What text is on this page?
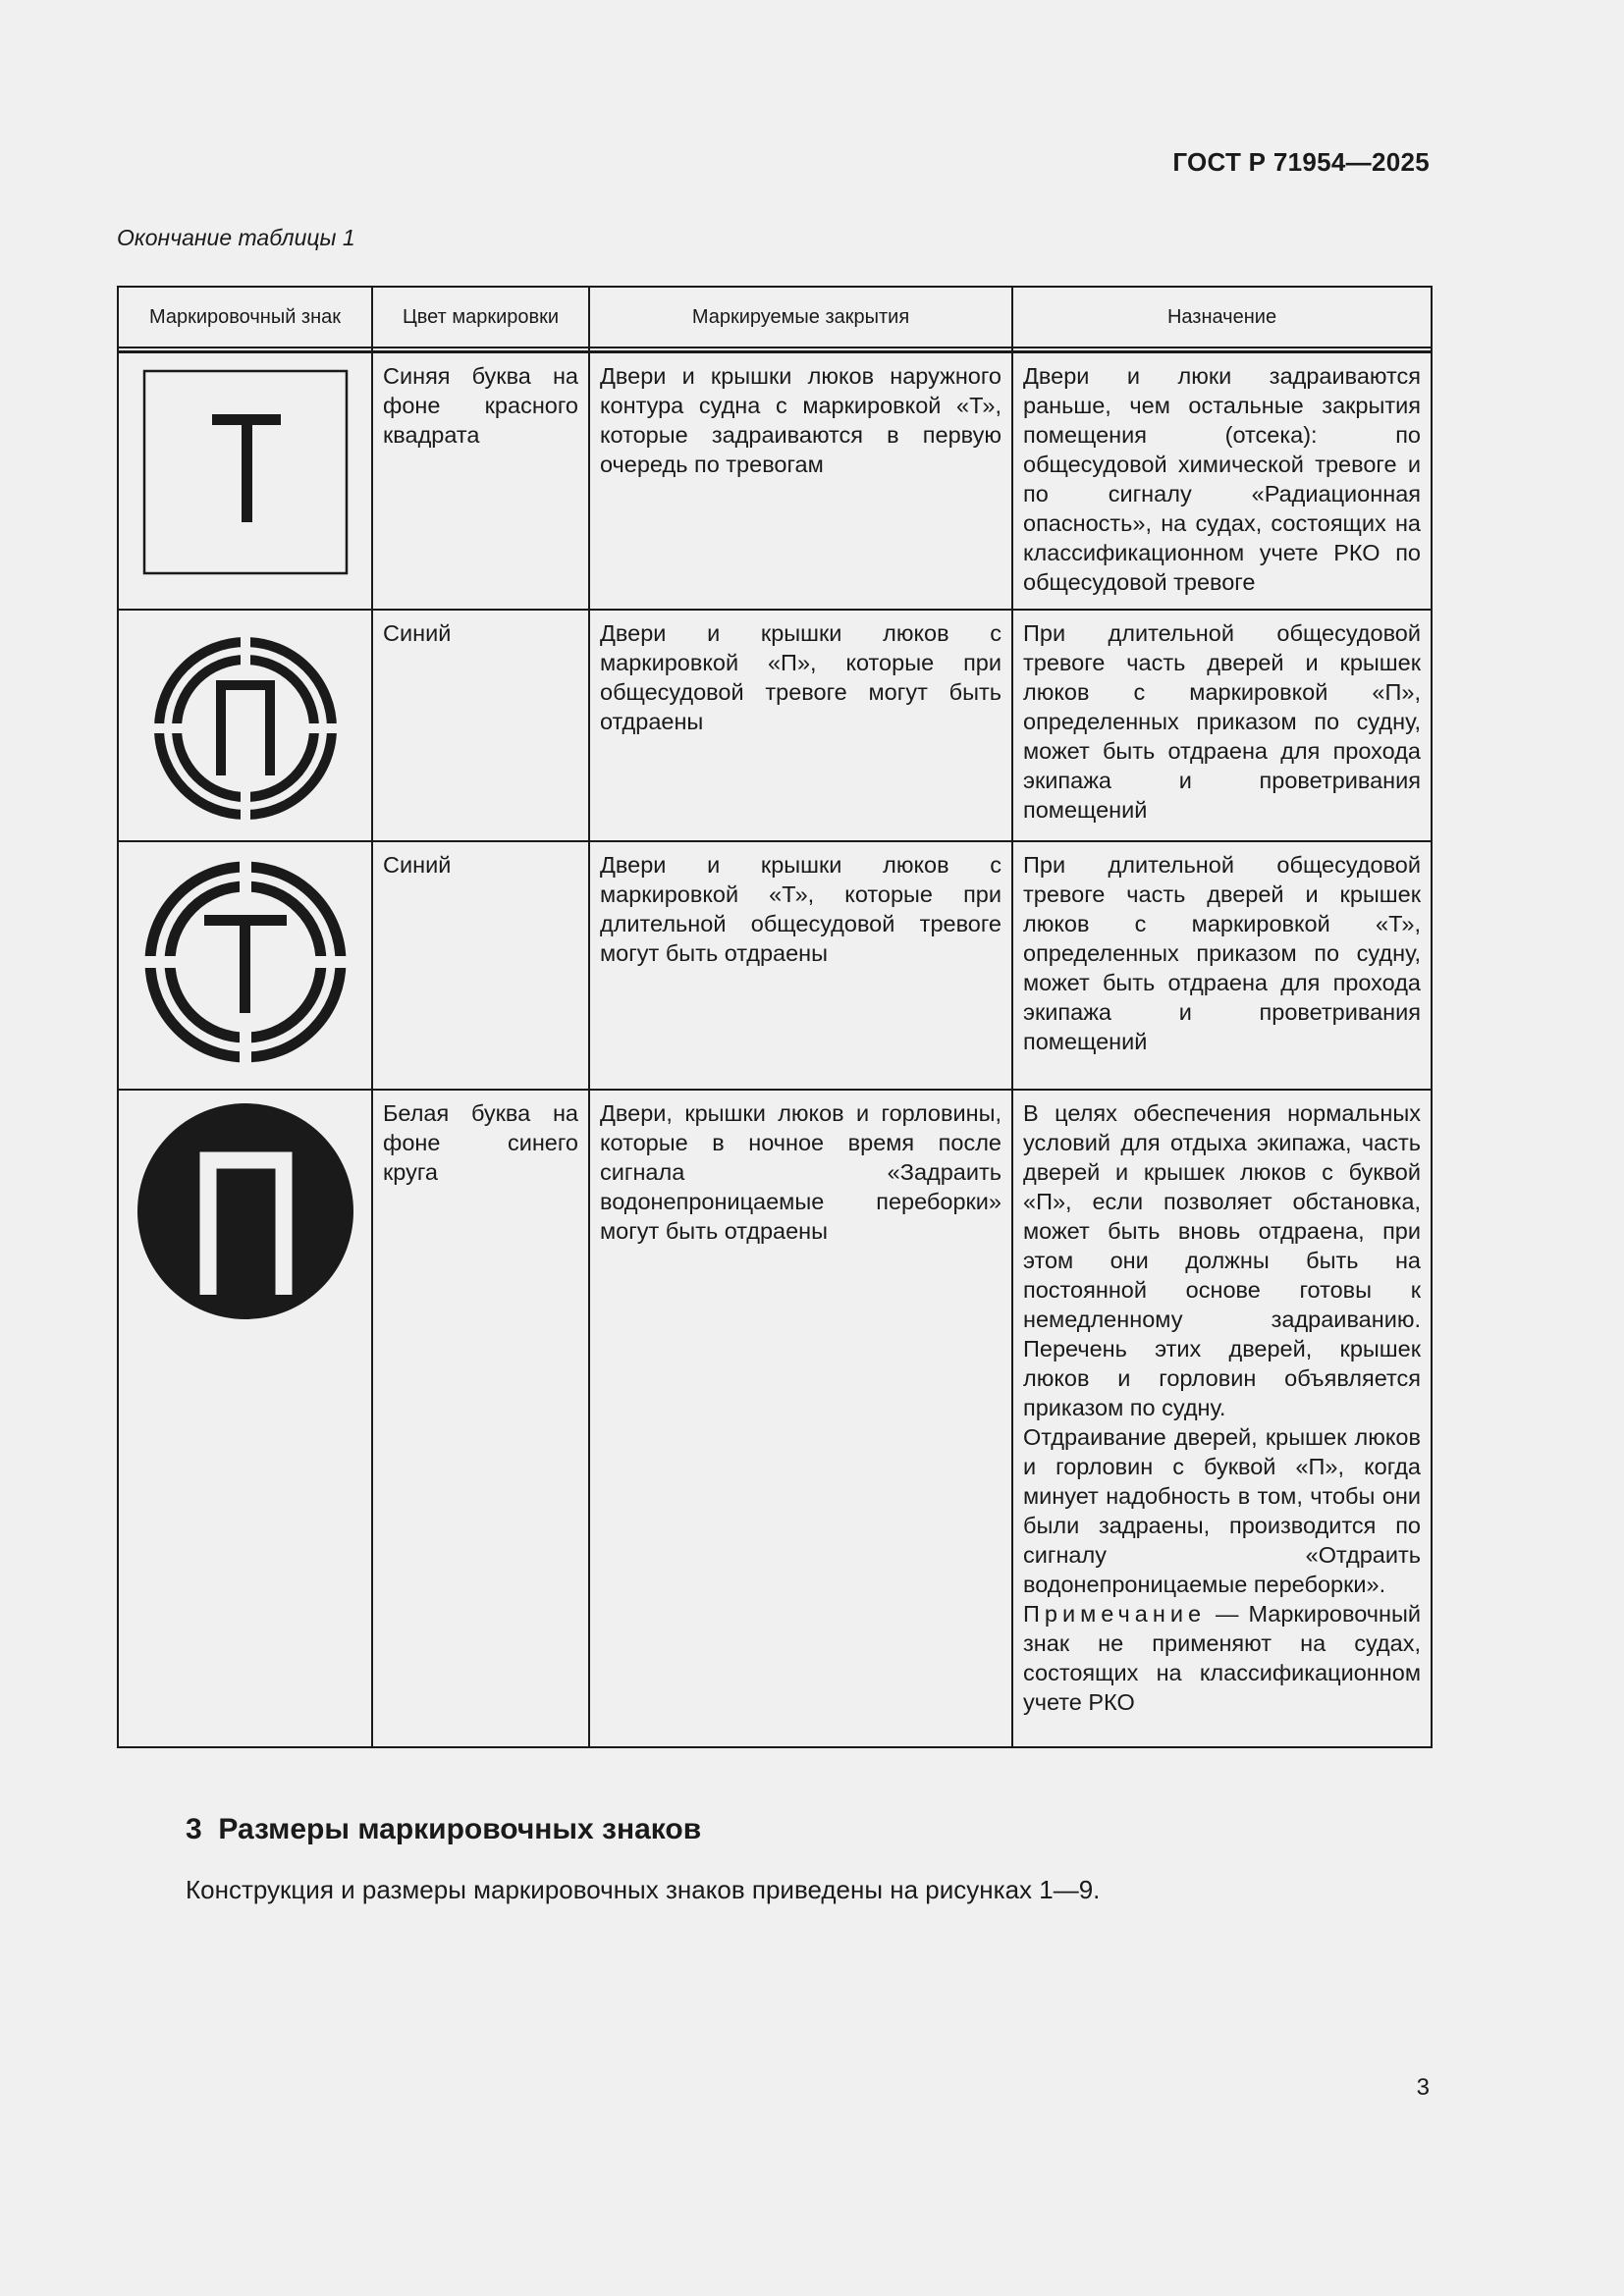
ГОСТ Р 71954—2025
Окончание таблицы 1
Маркировочный знак	Цвет маркировки	Маркируемые закрытия	Назначение

	Синяя буква на фоне красного квадрата	Двери и крышки люков наружного контура судна с маркировкой «Т», которые задраиваются в первую очередь по тревогам	Двери и люки задраиваются раньше, чем остальные закрытия помещения (отсека): по общесудовой химической тревоге и по сигналу «Радиационная опасность», на судах, состоящих на классификационном учете РКО по общесудовой тревоге

	Синий	Двери и крышки люков с маркировкой «П», которые при общесудовой тревоге могут быть отдраены	При длительной общесудовой тревоге часть дверей и крышек люков с маркировкой «П», определенных приказом по судну, может быть отдраена для прохода экипажа и проветривания помещений

	Синий	Двери и крышки люков с маркировкой «Т», которые при длительной общесудовой тревоге могут быть отдраены	При длительной общесудовой тревоге часть дверей и крышек люков с маркировкой «Т», определенных приказом по судну, может быть отдраена для прохода экипажа и проветривания помещений

	Белая буква на фоне синего круга	Двери, крышки люков и горловины, которые в ночное время после сигнала «Задраить водонепроницаемые переборки» могут быть отдраены	В целях обеспечения нормальных условий для отдыха экипажа, часть дверей и крышек люков с буквой «П», если позволяет обстановка, может быть вновь отдраена, при этом они должны быть на постоянной основе готовы к немедленному задраиванию. Перечень этих дверей, крышек люков и горловин объявляется приказом по судну.

Отдраивание дверей, крышек люков и горловин с буквой «П», когда минует надобность в том, чтобы они были задраены, производится по сигналу «Отдраить водонепроницаемые переборки».

Примечание — Маркировочный знак не применяют на судах, состоящих на классификационном учете РКО

3  Размеры маркировочных знаков
Конструкция и размеры маркировочных знаков приведены на рисунках 1—9.
3
